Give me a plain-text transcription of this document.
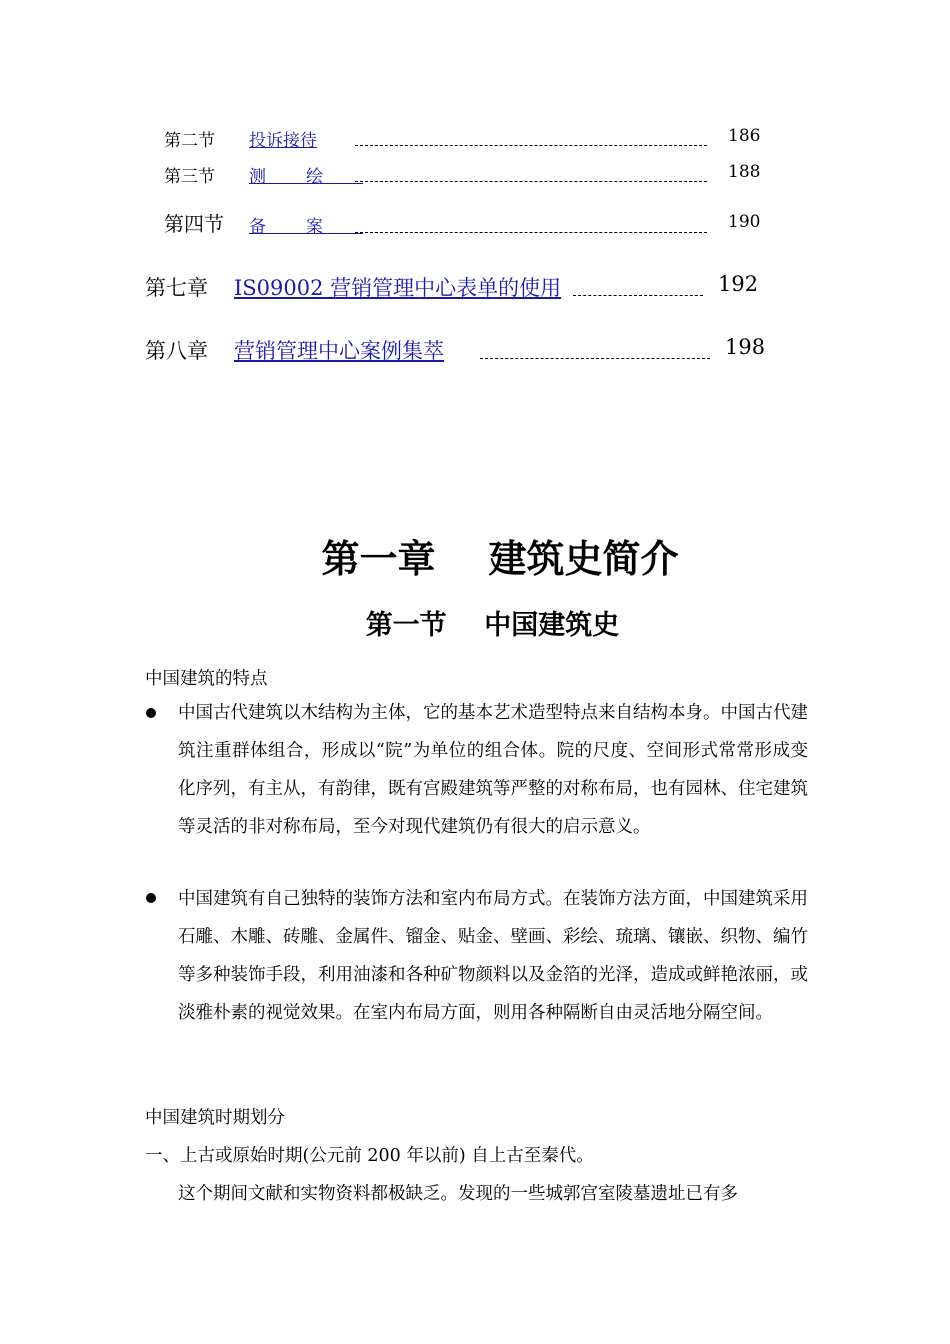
第二节 投诉接待	186
第三节 测绘	188
第四节 备案	190
第七章 IS09002 营销管理中心表单的使用	192
第八章 营销管理中心案例集萃	198
第一章    建筑史简介
第一节    中国建筑史
中国建筑的特点
中国古代建筑以木结构为主体，它的基本艺术造型特点来自结构本身。中国古代建筑注重群体组合，形成以“院”为单位的组合体。院的尺度、空间形式常常形成变化序列，有主从，有韵律，既有宫殿建筑等严整的对称布局，也有园林、住宅建筑等灵活的非对称布局，至今对现代建筑仍有很大的启示意义。
中国建筑有自己独特的装饰方法和室内布局方式。在装饰方法方面，中国建筑采用石雕、木雕、砖雕、金属件、镏金、贴金、壁画、彩绘、琉璃、镶嵌、织物、编竹等多种装饰手段，利用油漆和各种矿物颜料以及金箔的光泽，造成或鲜艳浓丽，或淡雅朴素的视觉效果。在室内布局方面，则用各种隔断自由灵活地分隔空间。
中国建筑时期划分
一、上古或原始时期(公元前 200 年以前) 自上古至秦代。
这个期间文献和实物资料都极缺乏。发现的一些城郭宫室陵墓遗址已有多
